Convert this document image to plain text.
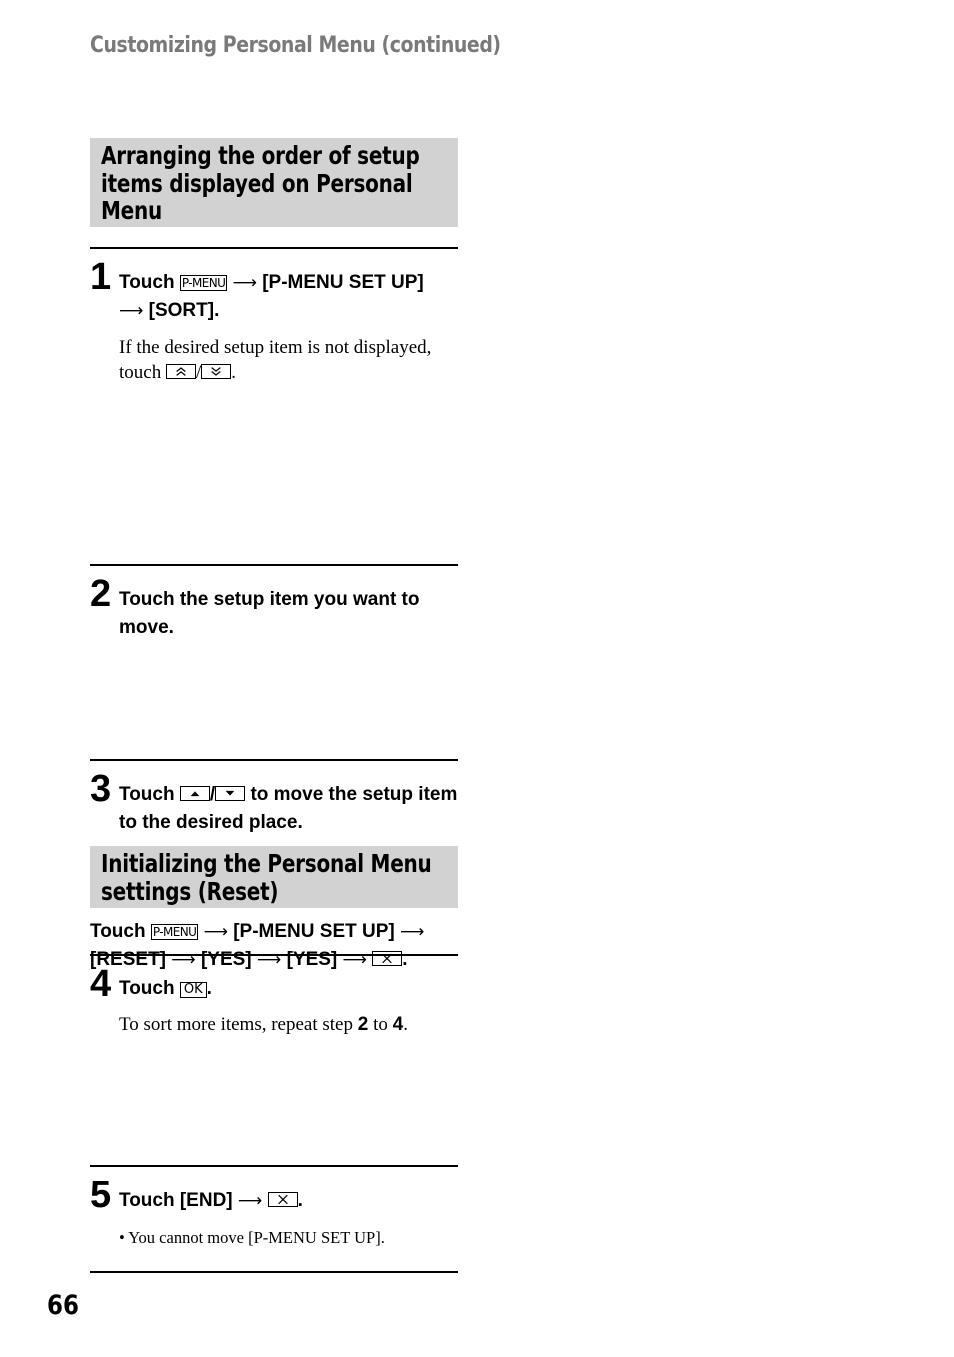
Customizing Personal Menu (continued)
Arranging the order of setup items displayed on Personal Menu
1 Touch P-MENU ⟶ [P-MENU SET UP]
⟶ [SORT].
If the desired setup item is not displayed, touch / .
2 Touch the setup item you want to move.
3 Touch / to move the setup item to the desired place.
4 Touch OK .
To sort more items, repeat step 2 to 4.
5 Touch [END] ⟶ .
• You cannot move [P-MENU SET UP].
Initializing the Personal Menu settings (Reset)
Touch P-MENU ⟶ [P-MENU SET UP] ⟶
[RESET] ⟶ [YES] ⟶ [YES] ⟶ .
66
